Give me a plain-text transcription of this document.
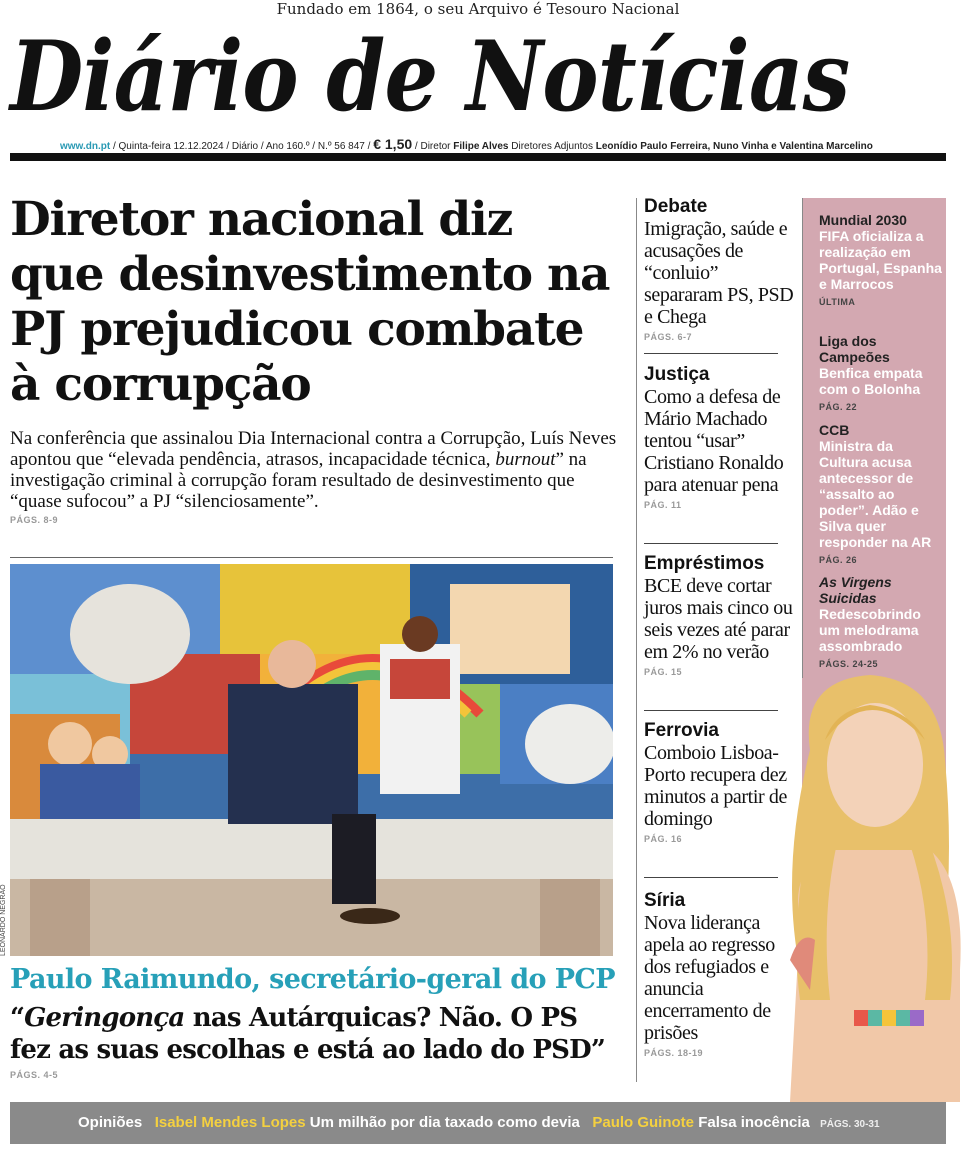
Fundado em 1864, o seu Arquivo é Tesouro Nacional
Diário de Notícias
www.dn.pt / Quinta-feira 12.12.2024 / Diário / Ano 160.º / N.º 56 847 / € 1,50 / Diretor Filipe Alves Diretores Adjuntos Leonídio Paulo Ferreira, Nuno Vinha e Valentina Marcelino
Diretor nacional diz que desinvestimento na PJ prejudicou combate à corrupção

Na conferência que assinalou Dia Internacional contra a Corrupção, Luís Neves apontou que “elevada pendência, atrasos, incapacidade técnica, burnout” na investigação criminal à corrupção foram resultado de desinvestimento que “quase sufocou” a PJ “silenciosamente”.

PÁGS. 8-9
LEONARDO NEGRÃO
Paulo Raimundo, secretário-geral do PCP
“Geringonça nas Autárquicas? Não. O PS fez as suas escolhas e está ao lado do PSD”
PÁGS. 4-5
Debate

Imigração, saúde e acusações de “conluio” separaram PS, PSD e Chega

PÁGS. 6-7
Justiça

Como a defesa de Mário Machado tentou “usar” Cristiano Ronaldo para atenuar pena

PÁG. 11
Empréstimos

BCE deve cortar juros mais cinco ou seis vezes até parar em 2% no verão

PÁG. 15
Ferrovia

Comboio Lisboa-Porto recupera dez minutos a partir de domingo

PÁG. 16
Síria

Nova liderança apela ao regresso dos refugiados e anuncia encerramento de prisões

PÁGS. 18-19
Mundial 2030
FIFA oficializa a realização em Portugal, Espanha e Marrocos
ÚLTIMA
Liga dos Campeões
Benfica empata com o Bolonha
PÁG. 22
CCB
Ministra da Cultura acusa antecessor de “assalto ao poder”. Adão e Silva quer responder na AR
PÁG. 26
As Virgens Suicidas
Redescobrindo um melodrama assombrado
PÁGS. 24-25
Opiniões Isabel Mendes Lopes Um milhão por dia taxado como devia Paulo Guinote Falsa inocência PÁGS. 30-31
